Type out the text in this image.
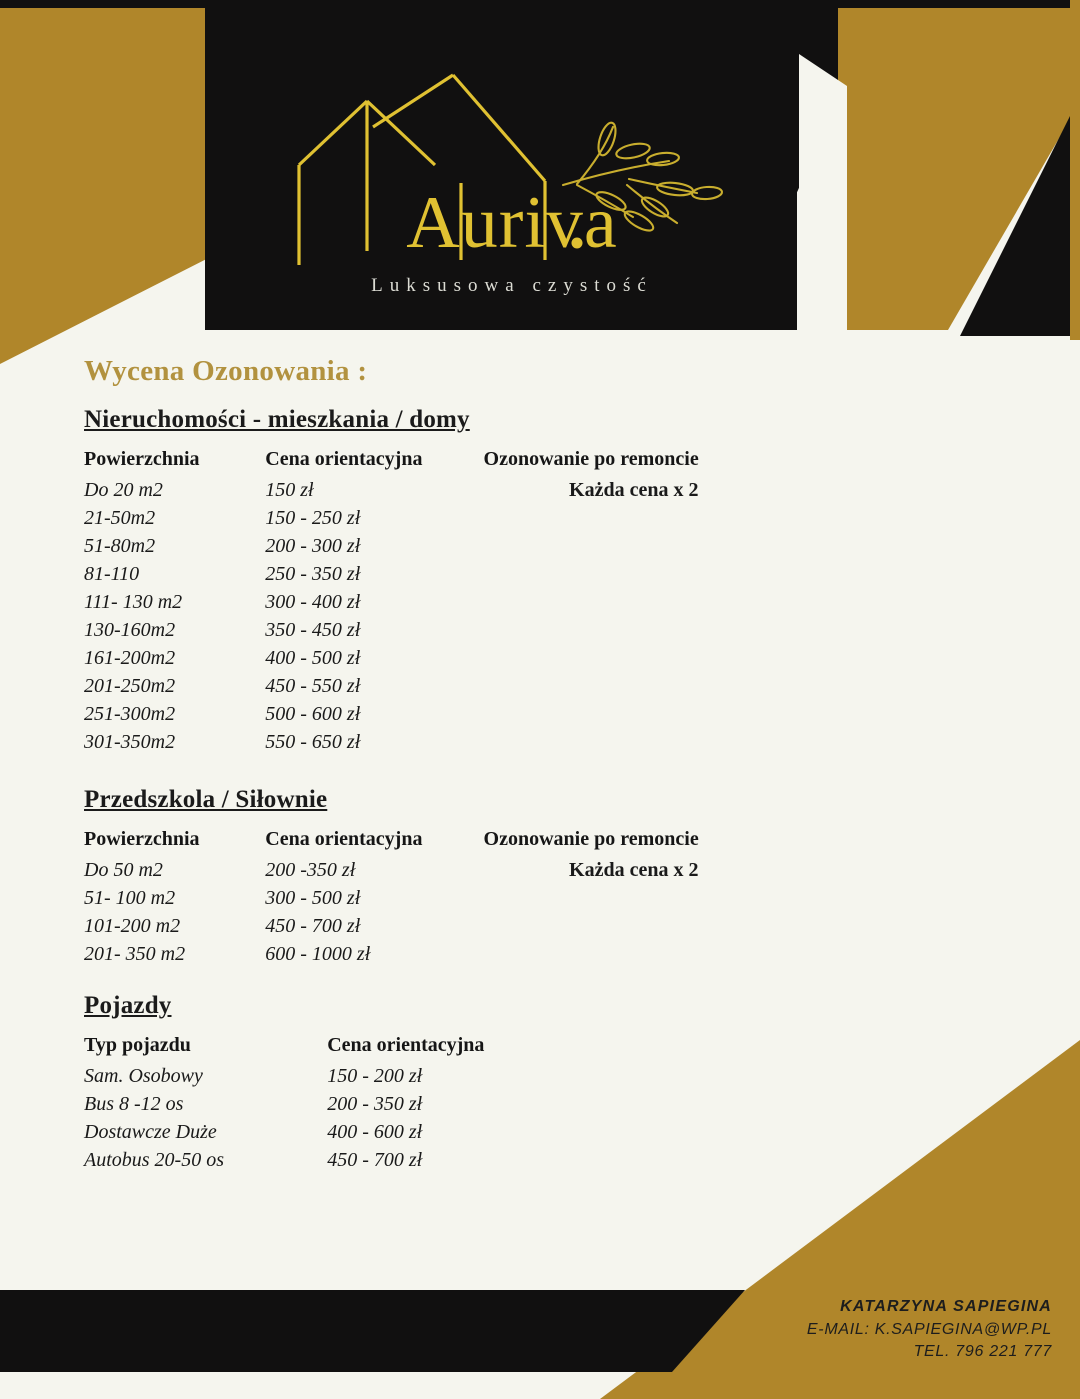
Auriva
Luksusowa czystość
Wycena Ozonowania :
Nieruchomości - mieszkania / domy
Powierzchnia	Cena orientacyjna	Ozonowanie po remoncie
Do 20 m2	150 zł	Każda cena x 2
21-50m2	150 - 250 zł	
51-80m2	200 - 300 zł	
81-110	250 - 350 zł	
111- 130 m2	300 - 400 zł	
130-160m2	350 - 450 zł	
161-200m2	400 - 500 zł	
201-250m2	450 - 550 zł	
251-300m2	500 - 600 zł	
301-350m2	550 - 650 zł	
Przedszkola / Siłownie
Powierzchnia	Cena orientacyjna	Ozonowanie po remoncie
Do 50 m2	200 -350 zł	Każda cena x 2
51- 100 m2	300 - 500 zł	
101-200 m2	450 - 700 zł	
201- 350 m2	600 - 1000 zł	
Pojazdy
Typ pojazdu	Cena orientacyjna
Sam. Osobowy	150 - 200 zł
Bus 8 -12 os	200 - 350 zł
Dostawcze Duże	400 - 600 zł
Autobus 20-50 os	450 - 700 zł
KATARZYNA SAPIEGINA
E-MAIL: K.SAPIEGINA@WP.PL
TEL. 796 221 777
